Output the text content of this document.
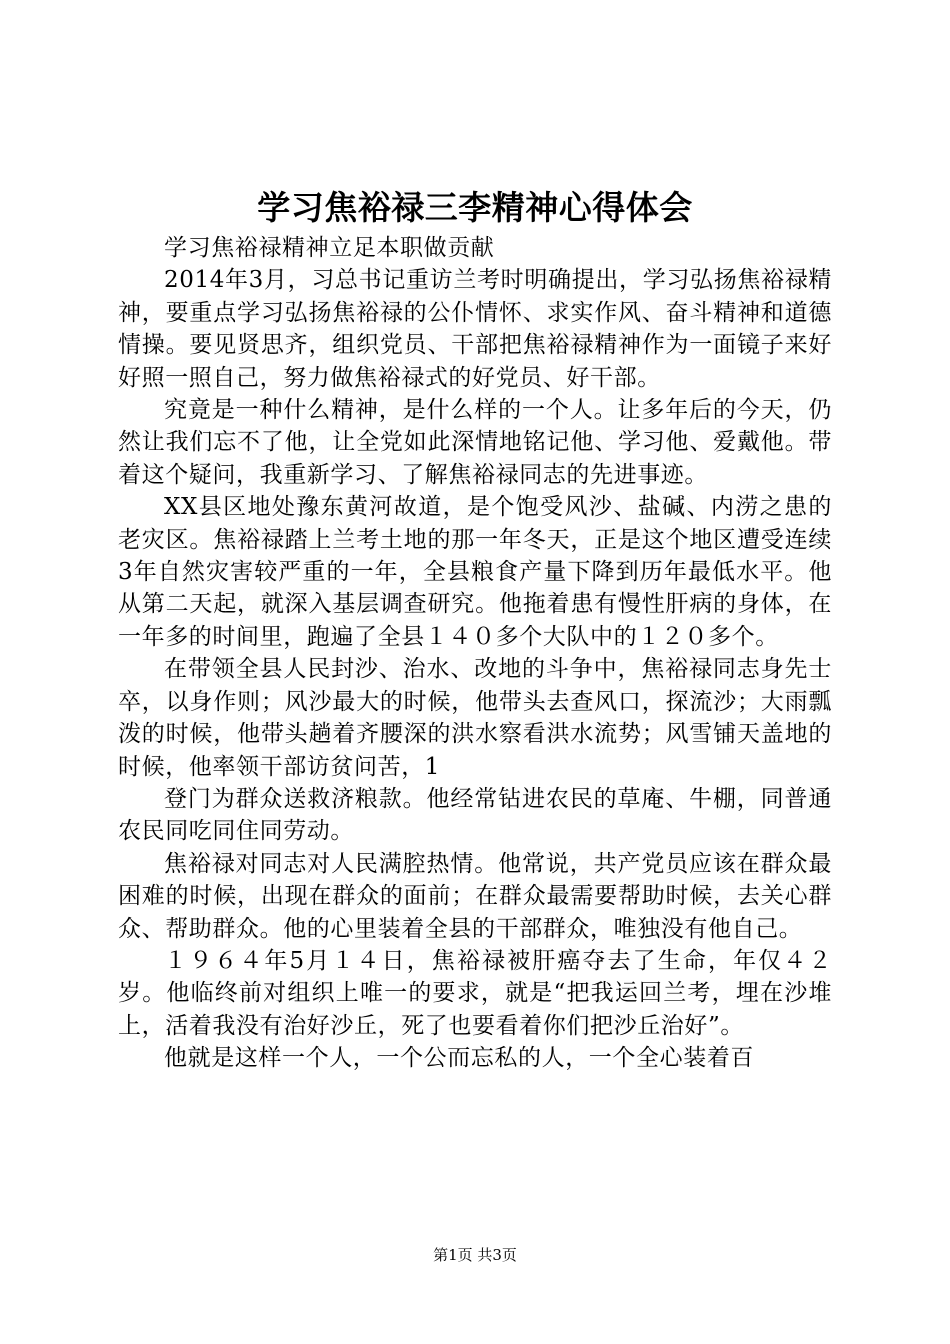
学习焦裕禄三李精神心得体会

学习焦裕禄精神立足本职做贡献

2014年3月，习总书记重访兰考时明确提出，学习弘扬焦裕禄精神，要重点学习弘扬焦裕禄的公仆情怀、求实作风、奋斗精神和道德情操。要见贤思齐，组织党员、干部把焦裕禄精神作为一面镜子来好好照一照自己，努力做焦裕禄式的好党员、好干部。

究竟是一种什么精神，是什么样的一个人。让多年后的今天，仍然让我们忘不了他，让全党如此深情地铭记他、学习他、爱戴他。带着这个疑问，我重新学习、了解焦裕禄同志的先进事迹。

XX县区地处豫东黄河故道，是个饱受风沙、盐碱、内涝之患的老灾区。焦裕禄踏上兰考土地的那一年冬天，正是这个地区遭受连续3年自然灾害较严重的一年，全县粮食产量下降到历年最低水平。他从第二天起，就深入基层调查研究。他拖着患有慢性肝病的身体，在一年多的时间里，跑遍了全县１４０多个大队中的１２０多个。

在带领全县人民封沙、治水、改地的斗争中，焦裕禄同志身先士卒，以身作则；风沙最大的时候，他带头去查风口，探流沙；大雨瓢泼的时候，他带头趟着齐腰深的洪水察看洪水流势；风雪铺天盖地的时候，他率领干部访贫问苦，1

登门为群众送救济粮款。他经常钻进农民的草庵、牛棚，同普通农民同吃同住同劳动。

焦裕禄对同志对人民满腔热情。他常说，共产党员应该在群众最困难的时候，出现在群众的面前；在群众最需要帮助时候，去关心群众、帮助群众。他的心里装着全县的干部群众，唯独没有他自己。

１９６４年5月１４日，焦裕禄被肝癌夺去了生命，年仅４２岁。他临终前对组织上唯一的要求，就是“把我运回兰考，埋在沙堆上，活着我没有治好沙丘，死了也要看着你们把沙丘治好”。

他就是这样一个人，一个公而忘私的人，一个全心装着百

第1页 共3页
